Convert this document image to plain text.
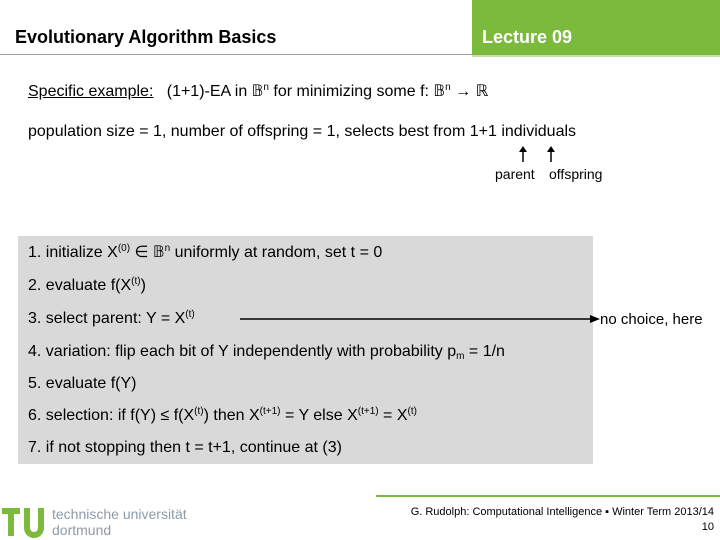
Evolutionary Algorithm Basics	Lecture 09
Specific example: (1+1)-EA in 𝔹$^n$ for minimizing some f: 𝔹$^n$ → ℝ
population size = 1, number of offspring = 1, selects best from 1+1 individuals
parent offspring
1. initialize $X^{(0)}$ ∈ 𝔹$^n$ uniformly at random, set t = 0
2. evaluate $f(X^{(t)})$
3. select parent: $Y = X^{(t)}$
4. variation: flip each bit of Y independently with probability $p_m = 1/n$
5. evaluate f(Y)
6. selection: if $f(Y) \le f(X^{(t)})$ then $X^{(t+1)} = Y$ else $X^{(t+1)} = X^{(t)}$
7. if not stopping then t = t+1, continue at (3)
no choice, here
technische universität
dortmund
G. Rudolph: Computational Intelligence ▪ Winter Term 2013/14
10
